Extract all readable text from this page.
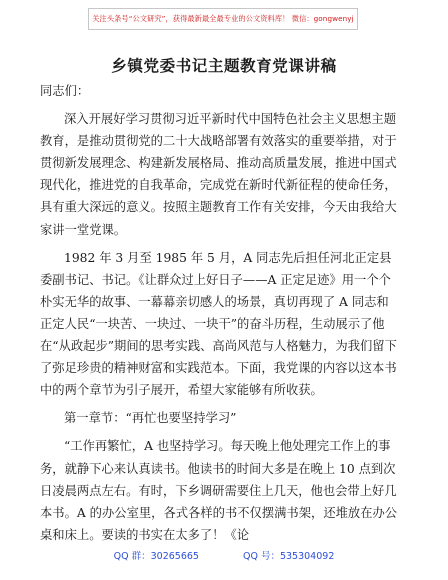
关注头条号“公文研究”，获得最新最全最专业的公文资料库！ 微信：gongwenyj
乡镇党委书记主题教育党课讲稿

同志们：

深入开展好学习贯彻习近平新时代中国特色社会主义思想主题教育，是推动贯彻党的二十大战略部署有效落实的重要举措，对于贯彻新发展理念、构建新发展格局、推动高质量发展，推进中国式现代化，推进党的自我革命，完成党在新时代新征程的使命任务，具有重大深远的意义。按照主题教育工作有关安排，今天由我给大家讲一堂党课。

1982 年 3 月至 1985 年 5 月，A 同志先后担任河北正定县委副书记、书记。《让群众过上好日子——A 正定足迹》用一个个朴实无华的故事、一幕幕亲切感人的场景，真切再现了 A 同志和正定人民“一块苦、一块过、一块干”的奋斗历程，生动展示了他在“从政起步”期间的思考实践、高尚风范与人格魅力，为我们留下了弥足珍贵的精神财富和实践范本。下面，我党课的内容以这本书中的两个章节为引子展开，希望大家能够有所收获。

第一章节：“再忙也要坚持学习”

“工作再繁忙，A 也坚持学习。每天晚上他处理完工作上的事务，就静下心来认真读书。他读书的时间大多是在晚上 10 点到次日凌晨两点左右。有时，下乡调研需要住上几天，他也会带上好几本书。A 的办公室里，各式各样的书不仅摆满书架，还堆放在办公桌和床上。要读的书实在太多了！《论

QQ 群：30265665	QQ 号：535304092
